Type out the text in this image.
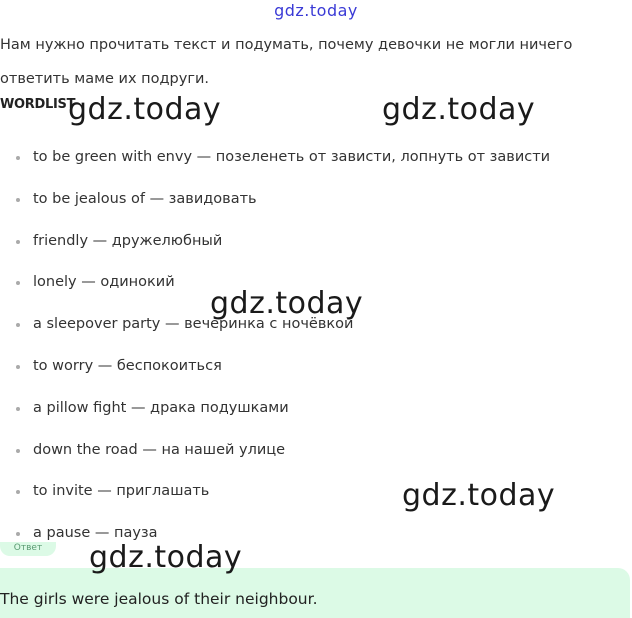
gdz.today
Нам нужно прочитать текст и подумать, почему девочки не могли ничего ответить маме их подруги.
WORDLIST
to be green with envy — позеленеть от зависти, лопнуть от зависти
to be jealous of — завидовать
friendly — дружелюбный
lonely — одинокий
a sleepover party — вечеринка с ночёвкой
to worry — беспокоиться
a pillow fight — драка подушками
down the road — на нашей улице
to invite — приглашать
a pause — пауза
Ответ
The girls were jealous of their neighbour.
gdz.today	gdz.today
gdz.today
gdz.today
gdz.today
